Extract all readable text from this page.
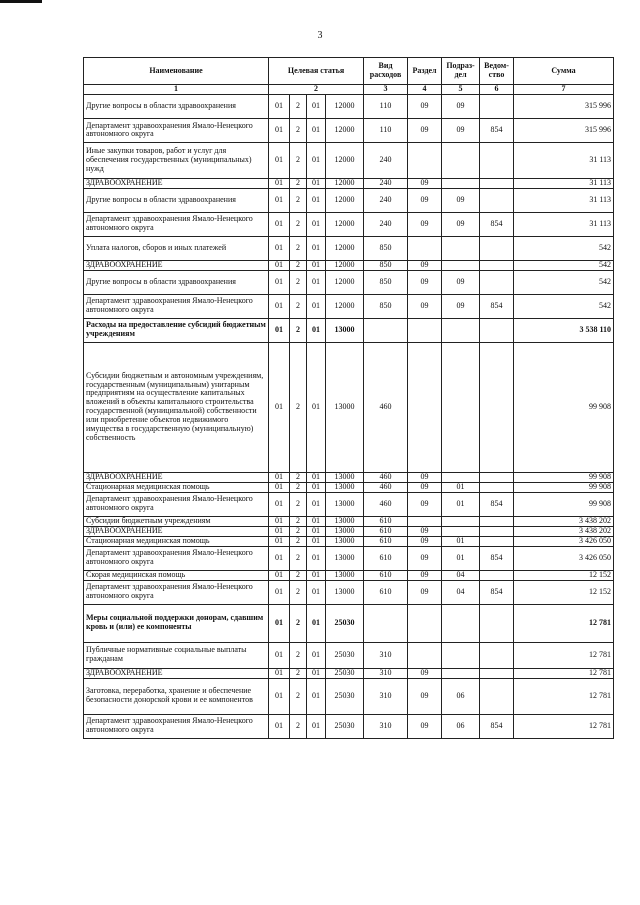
3
Наименование	Целевая статья				Вид расходов	Раздел	Подраз-дел	Ведом-ство	Сумма
1	2				3	4	5	6	7
Другие вопросы в области здравоохранения	01	2	01	12000	110	09	09		315 996
Департамент здравоохранения Ямало-Ненецкого автономного округа	01	2	01	12000	110	09	09	854	315 996
Иные закупки товаров, работ и услуг для обеспечения государственных (муниципальных) нужд	01	2	01	12000	240				31 113
ЗДРАВООХРАНЕНИЕ	01	2	01	12000	240	09			31 113
Другие вопросы в области здравоохранения	01	2	01	12000	240	09	09		31 113
Департамент здравоохранения Ямало-Ненецкого автономного округа	01	2	01	12000	240	09	09	854	31 113
Уплата налогов, сборов и иных платежей	01	2	01	12000	850				542
ЗДРАВООХРАНЕНИЕ	01	2	01	12000	850	09			542
Другие вопросы в области здравоохранения	01	2	01	12000	850	09	09		542
Департамент здравоохранения Ямало-Ненецкого автономного округа	01	2	01	12000	850	09	09	854	542
Расходы на предоставление субсидий бюджетным учреждениям	01	2	01	13000					3 538 110
Субсидии бюджетным и автономным учреждениям, государственным (муниципальным) унитарным предприятиям на осуществление капитальных вложений в объекты капитального строительства государственной (муниципальной) собственности или приобретение объектов недвижимого имущества в государственную (муниципальную) собственность	01	2	01	13000	460				99 908
ЗДРАВООХРАНЕНИЕ	01	2	01	13000	460	09			99 908
Стационарная медицинская помощь	01	2	01	13000	460	09	01		99 908
Департамент здравоохранения Ямало-Ненецкого автономного округа	01	2	01	13000	460	09	01	854	99 908
Субсидии бюджетным учреждениям	01	2	01	13000	610				3 438 202
ЗДРАВООХРАНЕНИЕ	01	2	01	13000	610	09			3 438 202
Стационарная медицинская помощь	01	2	01	13000	610	09	01		3 426 050
Департамент здравоохранения Ямало-Ненецкого автономного округа	01	2	01	13000	610	09	01	854	3 426 050
Скорая медицинская помощь	01	2	01	13000	610	09	04		12 152
Департамент здравоохранения Ямало-Ненецкого автономного округа	01	2	01	13000	610	09	04	854	12 152
Меры социальной поддержки донорам, сдавшим кровь и (или) ее компоненты	01	2	01	25030					12 781
Публичные нормативные социальные выплаты гражданам	01	2	01	25030	310				12 781
ЗДРАВООХРАНЕНИЕ	01	2	01	25030	310	09			12 781
Заготовка, переработка, хранение и обеспечение безопасности донорской крови и ее компонентов	01	2	01	25030	310	09	06		12 781
Департамент здравоохранения Ямало-Ненецкого автономного округа	01	2	01	25030	310	09	06	854	12 781
